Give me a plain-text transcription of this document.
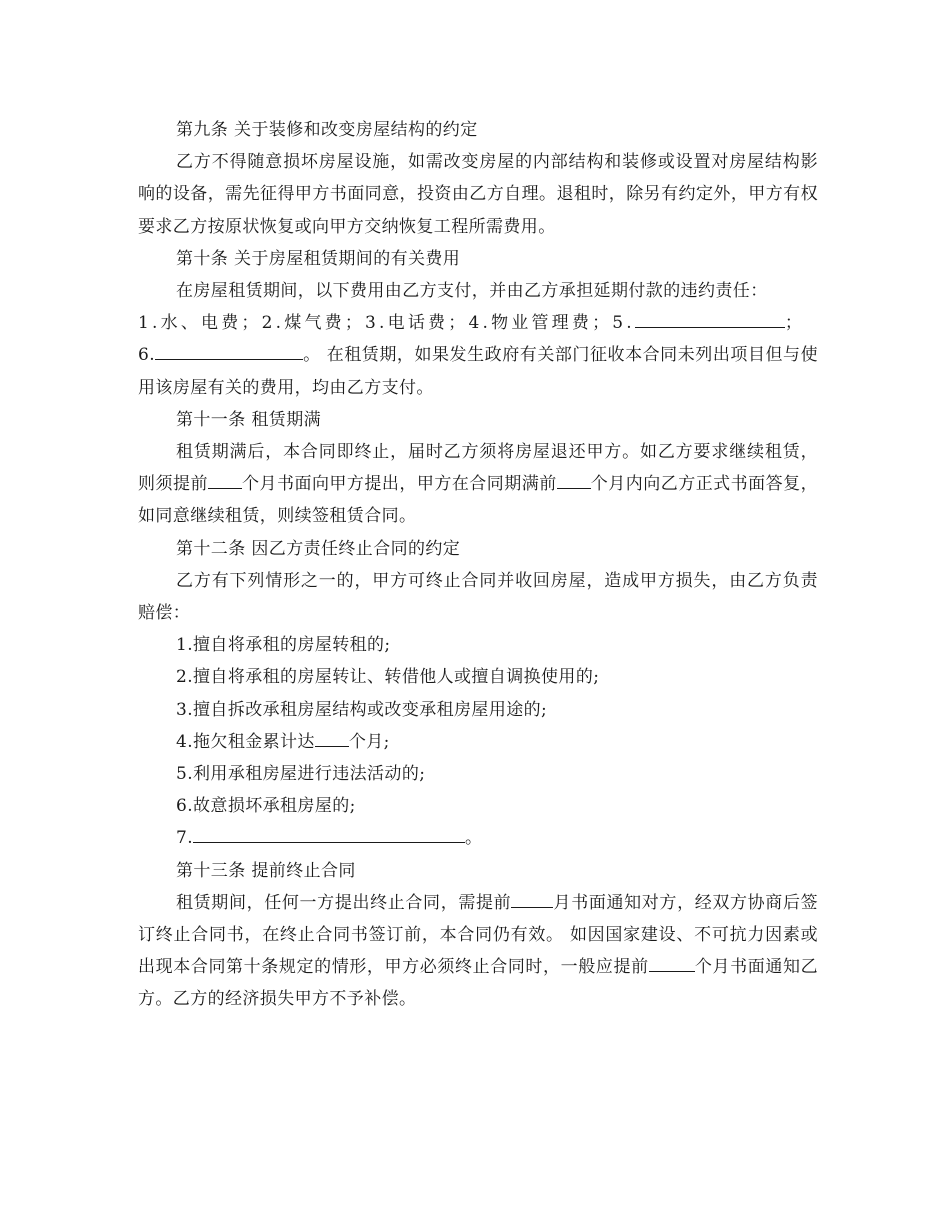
第九条 关于装修和改变房屋结构的约定

乙方不得随意损坏房屋设施，如需改变房屋的内部结构和装修或设置对房屋结构影响的设备，需先征得甲方书面同意，投资由乙方自理。退租时，除另有约定外，甲方有权要求乙方按原状恢复或向甲方交纳恢复工程所需费用。

第十条 关于房屋租赁期间的有关费用

在房屋租赁期间，以下费用由乙方支付，并由乙方承担延期付款的违约责任：

1.水、电费；2.煤气费；3.电话费；4.物业管理费；5.	；

6.	。 在租赁期，如果发生政府有关部门征收本合同未列出项目但与使用该房屋有关的费用，均由乙方支付。

第十一条 租赁期满

租赁期满后，本合同即终止，届时乙方须将房屋退还甲方。如乙方要求继续租赁，则须提前 个月书面向甲方提出，甲方在合同期满前 个月内向乙方正式书面答复，如同意继续租赁，则续签租赁合同。

第十二条 因乙方责任终止合同的约定

乙方有下列情形之一的，甲方可终止合同并收回房屋，造成甲方损失，由乙方负责赔偿：

1.擅自将承租的房屋转租的;

2.擅自将承租的房屋转让、转借他人或擅自调换使用的;

3.擅自拆改承租房屋结构或改变承租房屋用途的;

4.拖欠租金累计达 个月;

5.利用承租房屋进行违法活动的;

6.故意损坏承租房屋的;

7.	。

第十三条 提前终止合同

租赁期间，任何一方提出终止合同，需提前 月书面通知对方，经双方协商后签订终止合同书，在终止合同书签订前，本合同仍有效。 如因国家建设、不可抗力因素或出现本合同第十条规定的情形，甲方必须终止合同时，一般应提前	个月书面通知乙方。乙方的经济损失甲方不予补偿。
